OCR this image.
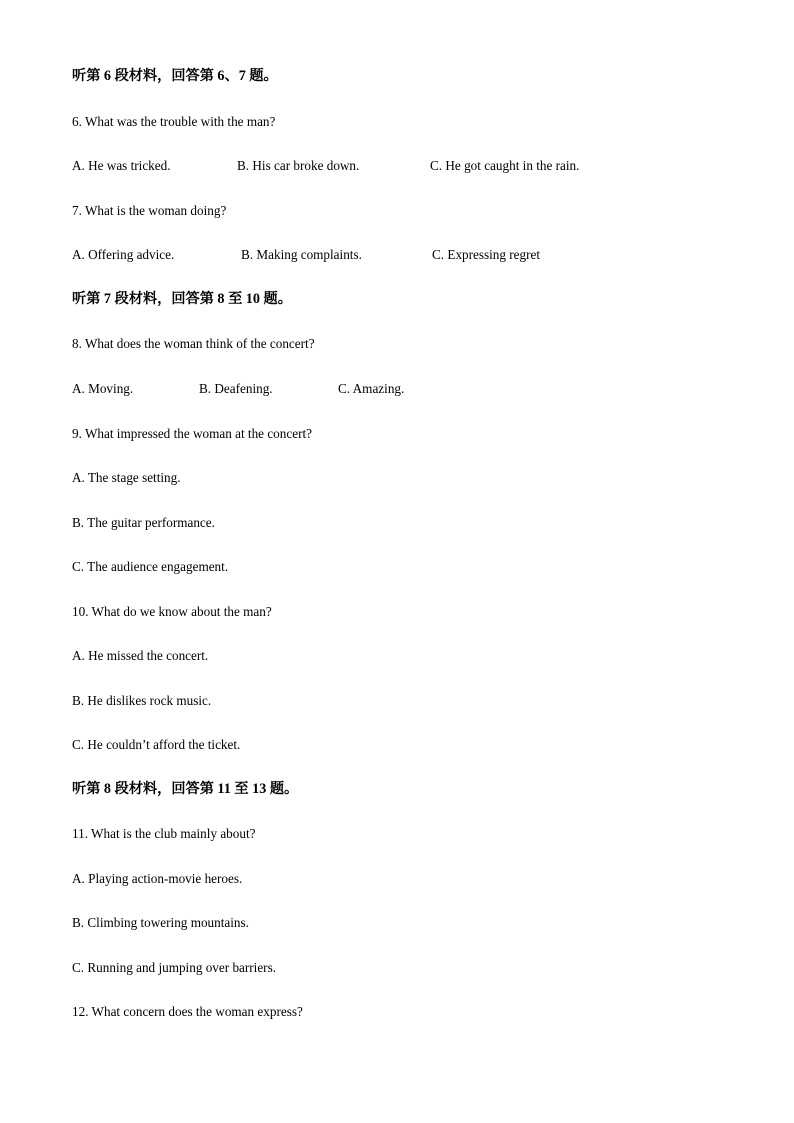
听第 6 段材料，回答第 6、7 题。
6. What was the trouble with the man?
A. He was tricked.	B. His car broke down.	C. He got caught in the rain.
7. What is the woman doing?
A. Offering advice.	B. Making complaints.	C. Expressing regret
听第 7 段材料，回答第 8 至 10 题。
8. What does the woman think of the concert?
A. Moving.	B. Deafening.	C. Amazing.
9. What impressed the woman at the concert?
A. The stage setting.
B. The guitar performance.
C. The audience engagement.
10. What do we know about the man?
A. He missed the concert.
B. He dislikes rock music.
C. He couldn’t afford the ticket.
听第 8 段材料，回答第 11 至 13 题。
11. What is the club mainly about?
A. Playing action-movie heroes.
B. Climbing towering mountains.
C. Running and jumping over barriers.
12. What concern does the woman express?
